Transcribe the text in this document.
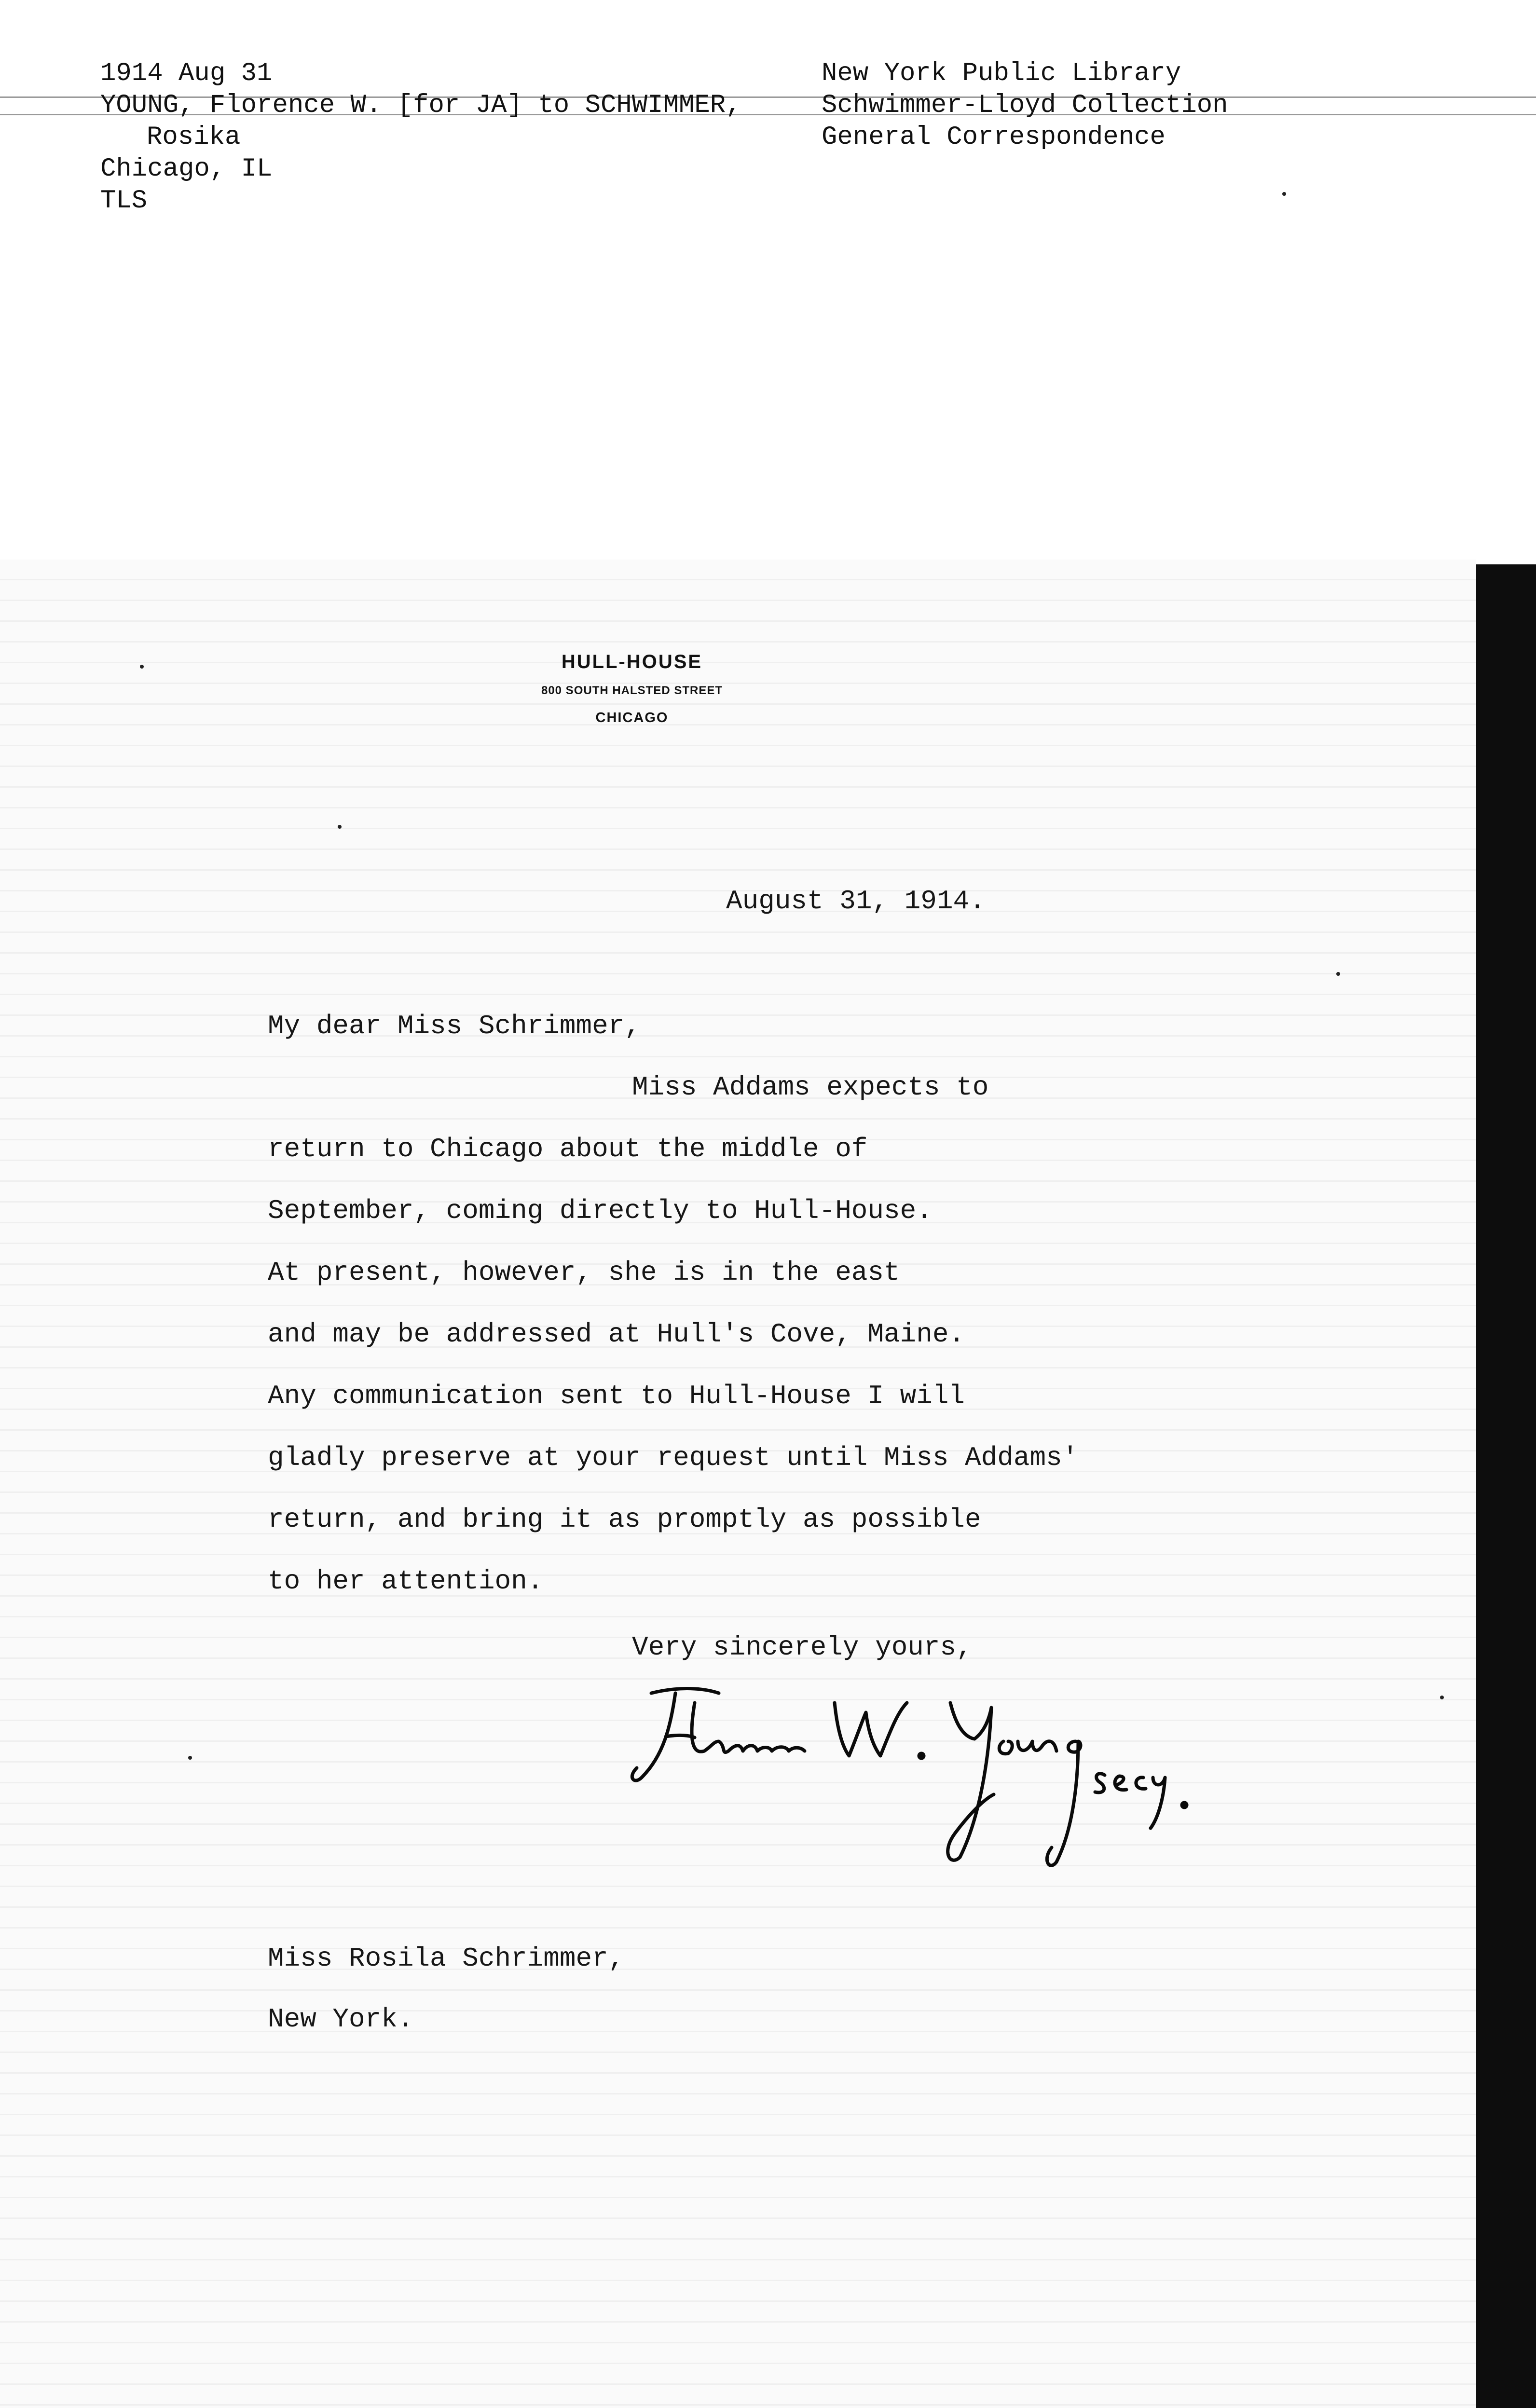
1914 Aug 31
YOUNG, Florence W. [for JA] to SCHWIMMER,
Rosika
Chicago, IL
TLS
New York Public Library
Schwimmer-Lloyd Collection
General Correspondence
HULL-HOUSE
800 SOUTH HALSTED STREET
CHICAGO
August 31, 1914.
My dear Miss Schrimmer,
Miss Addams expects to
return to Chicago about the middle of
September, coming directly to Hull-House.
At present, however, she is in the east
and may be addressed at Hull's Cove, Maine.
Any communication sent to Hull-House I will
gladly preserve at your request until Miss Addams'
return, and bring it as promptly as possible
to her attention.
Very sincerely yours,
Miss Rosila Schrimmer,
New York.
